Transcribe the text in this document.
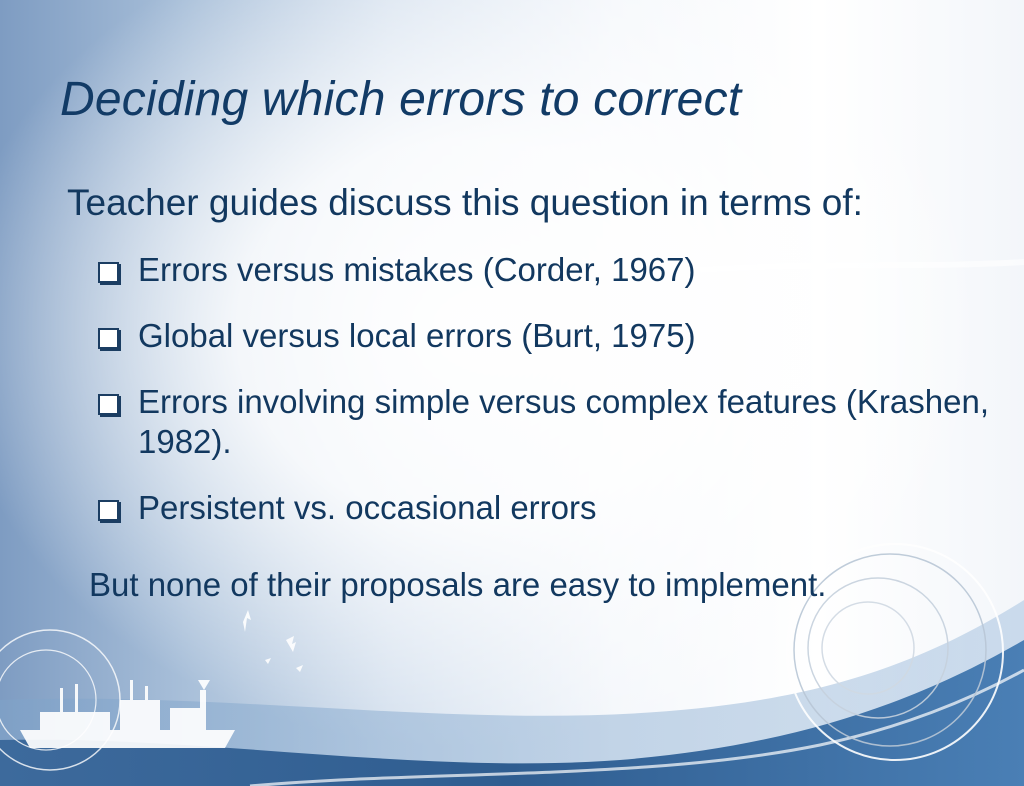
Deciding which errors to correct
Teacher guides discuss this question in terms of:
Errors versus mistakes (Corder, 1967)
Global versus local errors (Burt, 1975)
Errors involving simple versus complex features (Krashen, 1982).
Persistent vs. occasional errors
But none of their proposals are easy to implement.
